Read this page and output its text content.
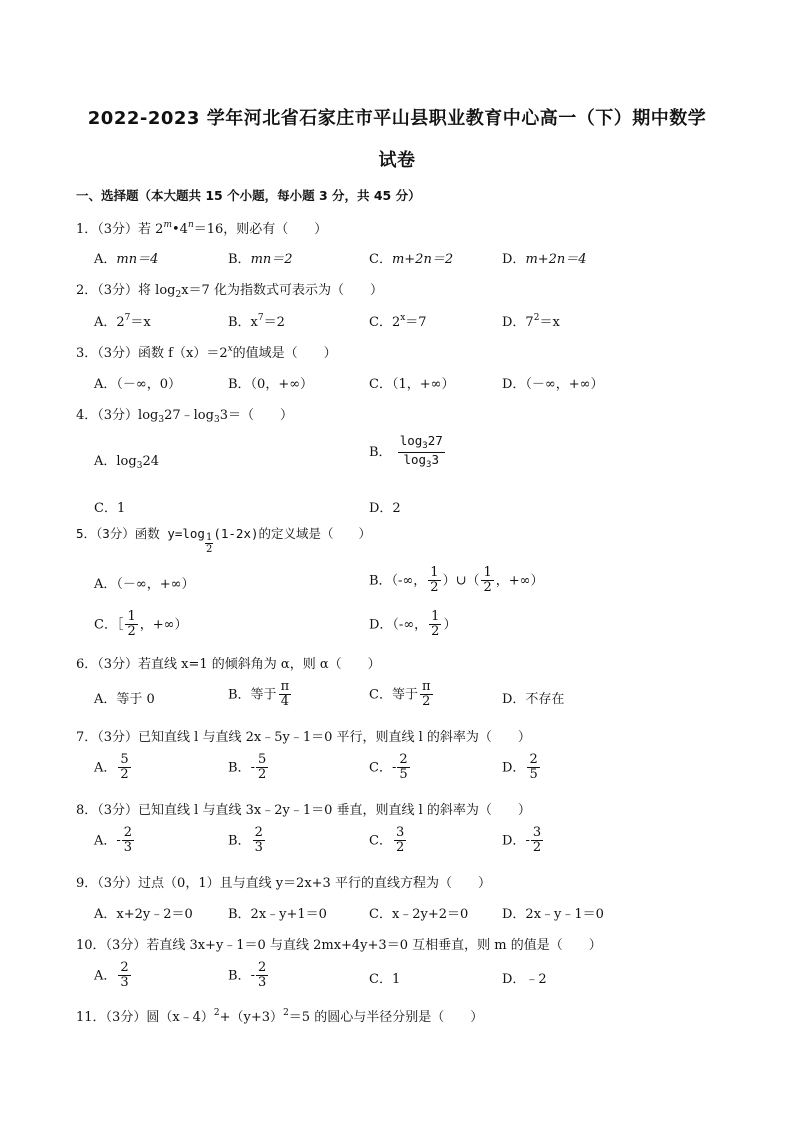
2022-2023 学年河北省石家庄市平山县职业教育中心高一（下）期中数学
试卷
一、选择题（本大题共 15 个小题，每小题 3 分，共 45 分）
1．（3分）若 $2^m•4^n=16$，则必有（　　）
A．mn＝4	B．mn＝2	C．m+2n＝2	D．m+2n＝4
2．（3分）将 $\log_2x=7$ 化为指数式可表示为（　　）
A．$2^7=x$	B．$x^7=2$	C．$2^x=7$	D．$7^2=x$
3．（3分）函数 $f(x)=2^x$的值域是（　　）
A．（－∞，0）	B．（0，+∞）	C．（1，+∞）	D．（－∞，+∞）
4．（3分）$\log_327﹣\log_33=$（　　）
A．$\log_324$
B． $\frac{\log_327}{\log_33}$
C．1	D．2
5．（3分）函数 $y=\log \frac{1}{2} (1-2x)$的定义域是（　　）
A．（－∞，+∞）	B．（-∞， $\frac{1}{2}$ ）∪（ $\frac{1}{2}$ ，+∞）
C．［ $\frac{1}{2}$ ，+∞）	D．（-∞， $\frac{1}{2}$ ）
6．（3分）若直线 x=1 的倾斜角为 α，则 α（　　）
A．等于 0	B．等于 $\frac{\pi}{4}$	C．等于 $\frac{\pi}{2}$	D．不存在
7．（3分）已知直线 l 与直线 2x﹣5y﹣1＝0 平行，则直线 l 的斜率为（　　）
A． $\frac{5}{2}$	B．- $\frac{5}{2}$	C．- $\frac{2}{5}$	D． $\frac{2}{5}$
8．（3分）已知直线 l 与直线 3x﹣2y﹣1＝0 垂直，则直线 l 的斜率为（　　）
A．- $\frac{2}{3}$	B． $\frac{2}{3}$	C． $\frac{3}{2}$	D．- $\frac{3}{2}$
9．（3分）过点（0，1）且与直线 y＝2x+3 平行的直线方程为（　　）
A．x+2y﹣2＝0	B．2x﹣y+1＝0	C．x﹣2y+2＝0	D．2x﹣y﹣1＝0
10．（3分）若直线 3x+y﹣1＝0 与直线 2mx+4y+3＝0 互相垂直，则 m 的值是（　　）
A． $\frac{2}{3}$	B．- $\frac{2}{3}$	C．1	D．﹣2
11．（3分）圆$(x﹣4)^2+(y+3)^2=5$ 的圆心与半径分别是（　　）
